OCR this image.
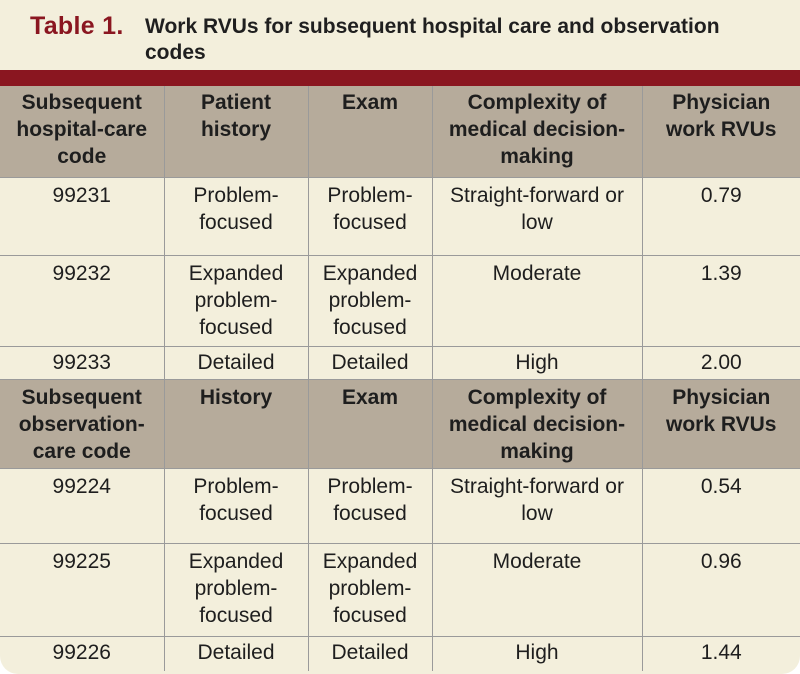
Table 1. Work RVUs for subsequent hospital care and observation codes
Subsequent hospital-care code	Patient history	Exam	Complexity of medical decision-making	Physician work RVUs
99231	Problem-focused	Problem-focused	Straight-forward or low	0.79
99232	Expanded problem-focused	Expanded problem-focused	Moderate	1.39
99233	Detailed	Detailed	High	2.00
Subsequent observation-care code	History	Exam	Complexity of medical decision-making	Physician work RVUs
99224	Problem-focused	Problem-focused	Straight-forward or low	0.54
99225	Expanded problem-focused	Expanded problem-focused	Moderate	0.96
99226	Detailed	Detailed	High	1.44
